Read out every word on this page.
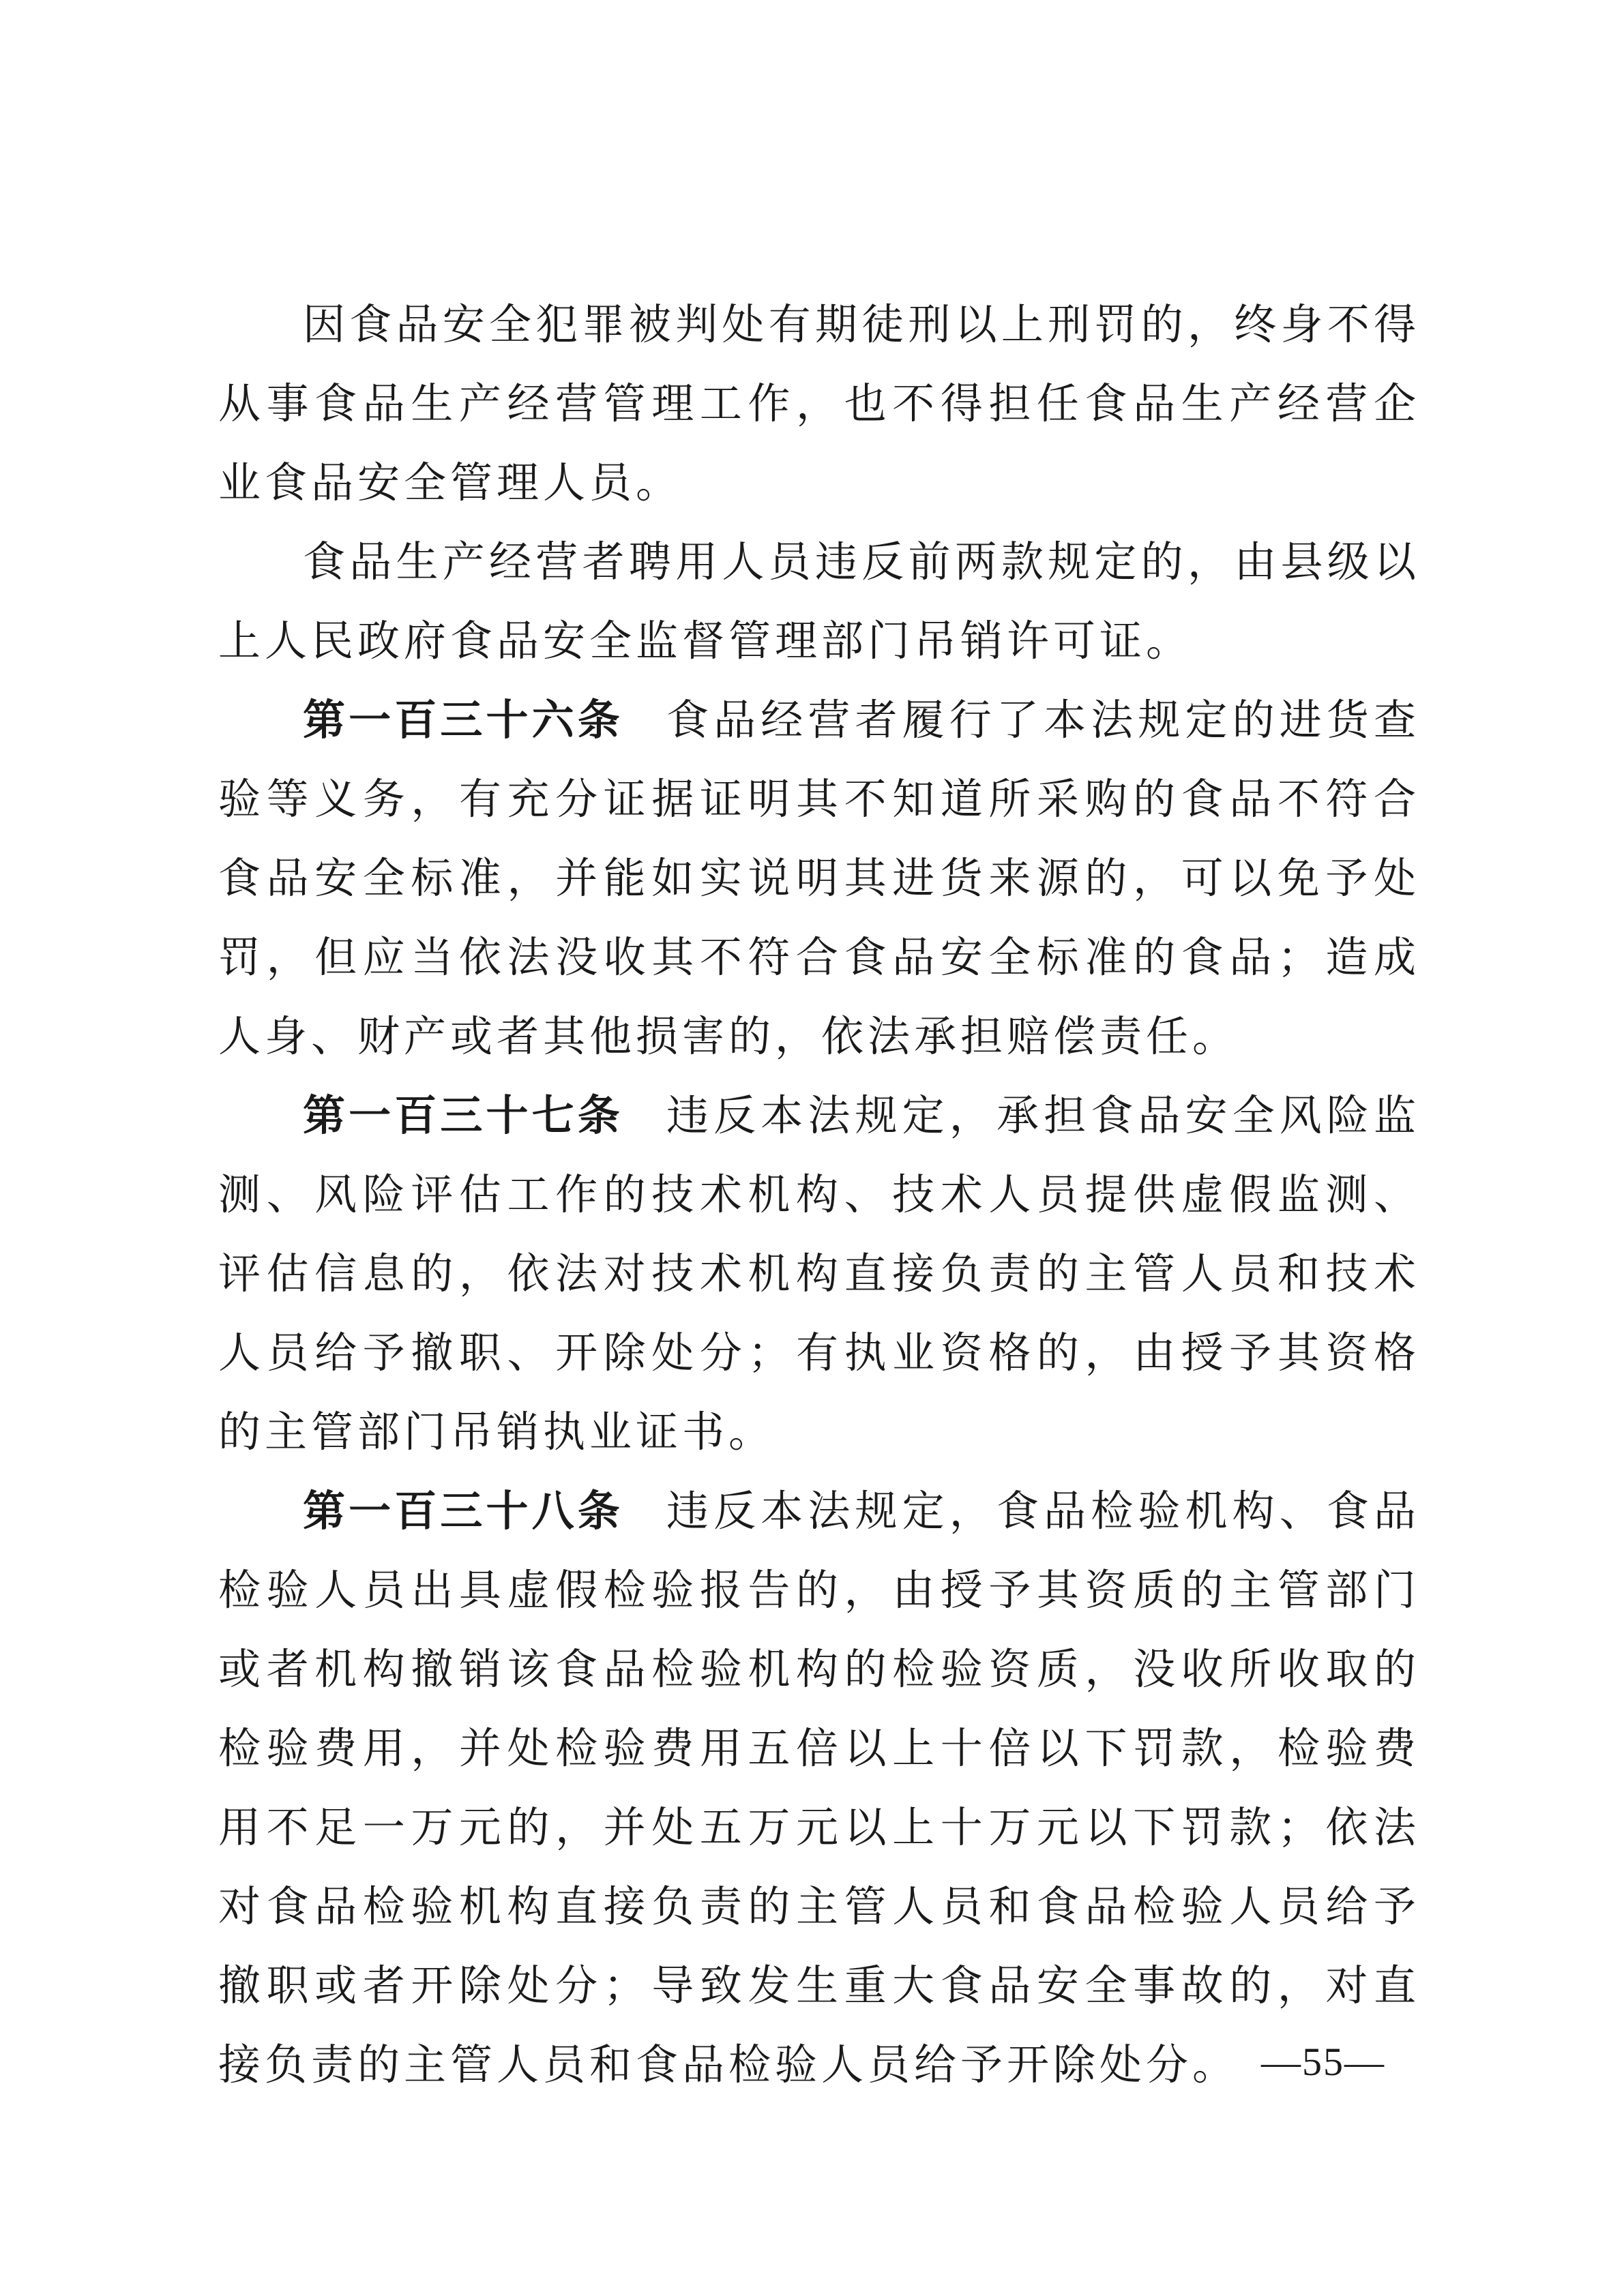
因食品安全犯罪被判处有期徒刑以上刑罚的，终身不得从事食品生产经营管理工作，也不得担任食品生产经营企业食品安全管理人员。

食品生产经营者聘用人员违反前两款规定的，由县级以上人民政府食品安全监督管理部门吊销许可证。

第一百三十六条 食品经营者履行了本法规定的进货查验等义务，有充分证据证明其不知道所采购的食品不符合食品安全标准，并能如实说明其进货来源的，可以免予处罚，但应当依法没收其不符合食品安全标准的食品；造成人身、财产或者其他损害的，依法承担赔偿责任。

第一百三十七条 违反本法规定，承担食品安全风险监测、风险评估工作的技术机构、技术人员提供虚假监测、评估信息的，依法对技术机构直接负责的主管人员和技术人员给予撤职、开除处分；有执业资格的，由授予其资格的主管部门吊销执业证书。

第一百三十八条 违反本法规定，食品检验机构、食品检验人员出具虚假检验报告的，由授予其资质的主管部门或者机构撤销该食品检验机构的检验资质，没收所收取的检验费用，并处检验费用五倍以上十倍以下罚款，检验费用不足一万元的，并处五万元以上十万元以下罚款；依法对食品检验机构直接负责的主管人员和食品检验人员给予撤职或者开除处分；导致发生重大食品安全事故的，对直接负责的主管人员和食品检验人员给予开除处分。 —55—
